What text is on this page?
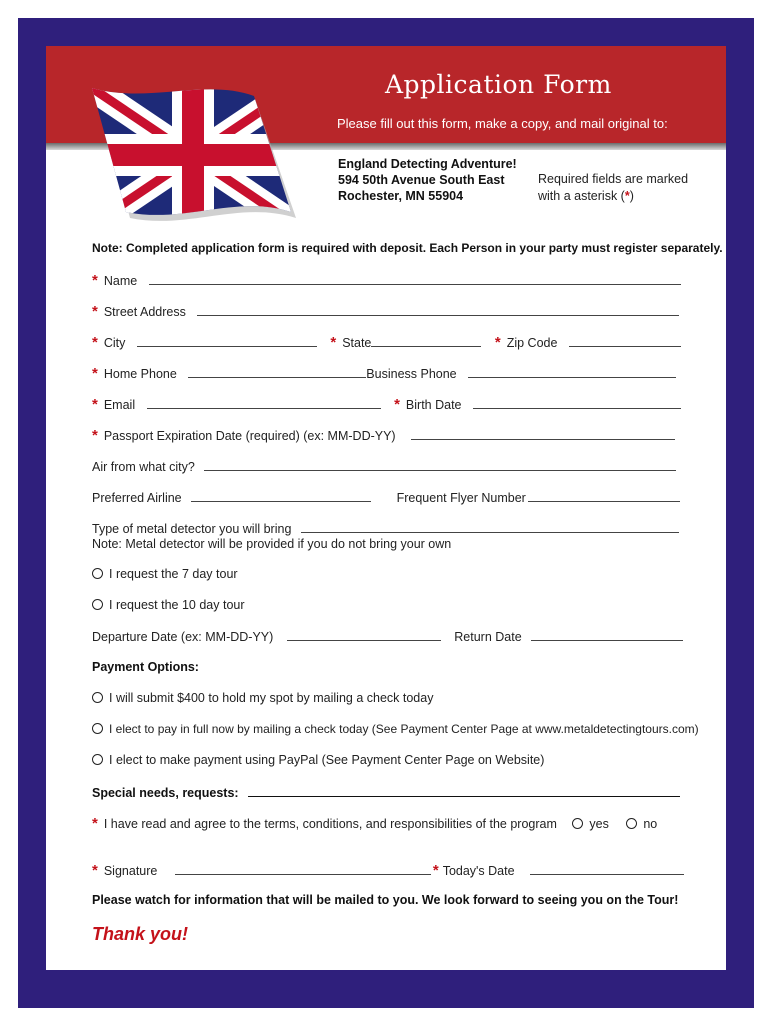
Application Form
Please fill out this form, make a copy, and mail original to:
England Detecting Adventure!
594 50th Avenue South East
Rochester, MN 55904
Required fields are marked
with a asterisk (*)
Note: Completed application form is required with deposit. Each Person in your party must register separately.
* Name
* Street Address
* City	* State	* Zip Code
* Home Phone	Business Phone
* Email	* Birth Date
* Passport Expiration Date (required) (ex: MM-DD-YY)
Air from what city?
Preferred Airline	Frequent Flyer Number
Type of metal detector you will bring
Note: Metal detector will be provided if you do not bring your own
I request the 7 day tour
I request the 10 day tour
Departure Date (ex: MM-DD-YY)	Return Date
Payment Options:
I will submit $400 to hold my spot by mailing a check today
I elect to pay in full now by mailing a check today (See Payment Center Page at www.metaldetectingtours.com)
I elect to make payment using PayPal (See Payment Center Page on Website)
Special needs, requests:
* I have read and agree to the terms, conditions, and responsibilities of the program	yes	no
* Signature	* Today's Date
Please watch for information that will be mailed to you. We look forward to seeing you on the Tour!
Thank you!
